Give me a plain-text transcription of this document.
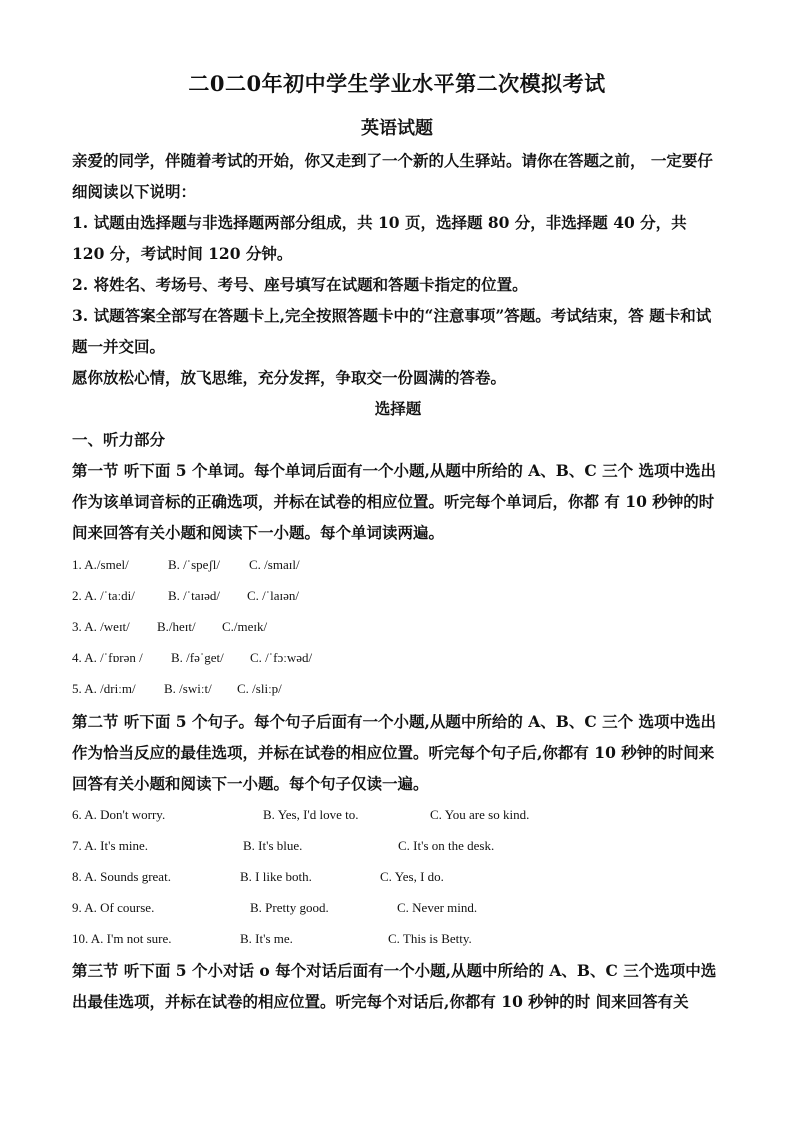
二0二0年初中学生学业水平第二次模拟考试
英语试题

亲爱的同学，伴随着考试的开始，你又走到了一个新的人生驿站。请你在答题之前， 一定要仔细阅读以下说明：

1. 试题由选择题与非选择题两部分组成，共 10 页，选择题 80 分，非选择题 40 分，共 120 分，考试时间 120 分钟。

2. 将姓名、考场号、考号、座号填写在试题和答题卡指定的位置。

3. 试题答案全部写在答题卡上,完全按照答题卡中的“注意事项”答题。考试结束，答 题卡和试题一并交回。

愿你放松心情，放飞思维，充分发挥，争取交一份圆满的答卷。

选择题

一、听力部分

第一节 听下面 5 个单词。每个单词后面有一个小题,从题中所给的 A、B、C 三个 选项中选出作为该单词音标的正确选项，并标在试卷的相应位置。听完每个单词后，你都 有 10 秒钟的时间来回答有关小题和阅读下一小题。每个单词读两遍。

1. A./smel/	B. /ˈspeʃl/ C. /smaɪl/
2. A. /ˈtaːdi/	B. /ˈtaɪəd/ C. /ˈlaɪən/
3. A. /weɪt/ B./heɪt/ C./meɪk/
4. A. /ˈfɒrən / B. /fəˈget/ C. /ˈfɔːwəd/
5. A. /driːm/ B. /swiːt/ C. /sliːp/

第二节 听下面 5 个句子。每个句子后面有一个小题,从题中所给的 A、B、C 三个 选项中选出作为恰当反应的最佳选项，并标在试卷的相应位置。听完每个句子后,你都有 10 秒钟的时间来回答有关小题和阅读下一小题。每个句子仅读一遍。

6. A. Don't worry.	B. Yes, I'd love to.	C. You are so kind.
7. A. It's mine.	B. It's blue.	C. It's on the desk.
8. A. Sounds great.	B. I like both.	C. Yes, I do.
9. A. Of course.	B. Pretty good.	C. Never mind.
10. A. I'm not sure.	B. It's me.	C. This is Betty.

第三节 听下面 5 个小对话 o 每个对话后面有一个小题,从题中所给的 A、B、C 三个选项中选出最佳选项，并标在试卷的相应位置。听完每个对话后,你都有 10 秒钟的时 间来回答有关
